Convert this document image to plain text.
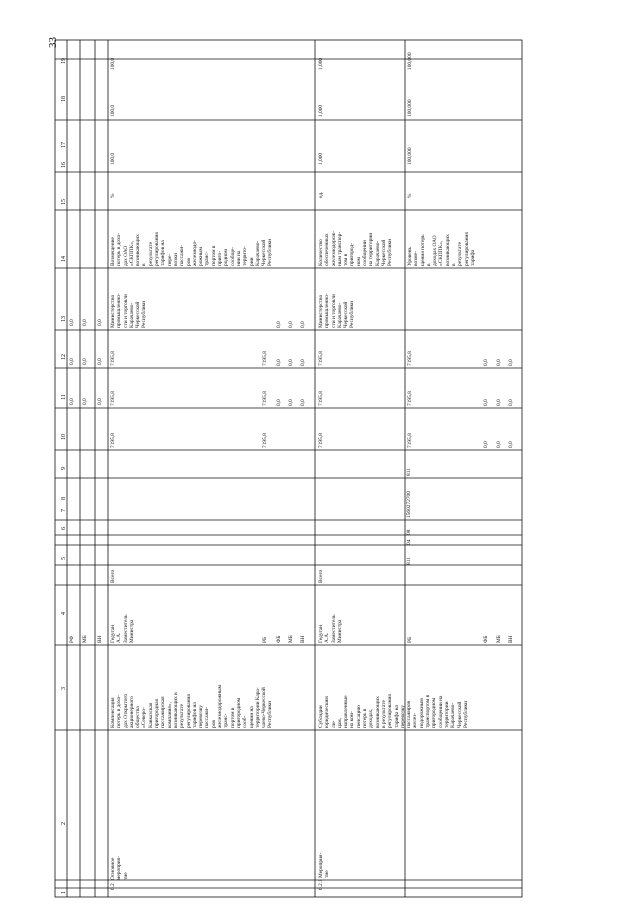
33
1
2
3
4
5
6
7
8
9
10
11
12
13
14
15
16
17
18
19
РФ МБ ВН
0,0
0,0
0,0
0,0
0,0
0,0
0,0
0,0
0,0
6.2
Основное мероприя-тие
Компенсация потерь в дохо-
дах Открытого акционерного
общества «Северо-Кавказская
пригородная пассажирская
компания», возникающих в
результате регулирования
тарифов на перевозку пассажи-
ров железнодорожным транс-
портом в пригородном сооб-
щении на территории Кара-
чаево-Черкесской Республики
Гедуган А.А.
Заместитель
Министра
Всего
7195,8
7195,8
7195,8
Министерство
промышленно-
сти и торговли
Карачаево-
Черкесской
Республики
Возмещение
потерь в дохо-
дах ОАО
«СКППК»,
возникающих в
результате
регулирования
тарифов на пере-
возки пассажи-
ров железнодо-
рожным транс-
портом в приго-
родном сообще-
нии на террито-
рии Карачаево-
Черкесской
Республики
%
100,0
100,0
100,0
РБ
7195,8
7195,8
7195,8
ФБ
0,0
0,0
0,0
МБ
0,0
0,0
0,0
ВН
0,0
0,0
0,0
6.2.1
Мероприя-тие
Субсидии юридическим ли-
цам, направленные на ком-
пенсацию потерь в доходах,
возникающих в результате
регулирования тарифа на
перевозку пассажиров желез-
нодорожным транспортом в
пригородном сообщении на
территории Карачаево-
Черкесской Республики
Гедуган А.А.
Заместитель
Министра
Всего
811
04
08
1560272700
811
7195,8
7195,8
7195,8
Министерство
промышленно-
сти и торговли
Карачаево-
Черкесской
Республики
Количество
обеспеченных
железнодорож-
ным транспор-
том в пригород-
ном сообщении
на территории
Карачаево-
Черкесской
Республики
ед.
1,000
1,000
1,000
РБ
7195,8
7195,8
7195,8
Уровень возме-
щения потерь в
доходах ОАО
«СКППК»,
возникающих в
результате
регулирования
тарифа
%
100,000
100,000
100,000
ФБ
0,0
0,0
0,0
МБ
0,0
0,0
0,0
ВН
0,0
0,0
0,0
